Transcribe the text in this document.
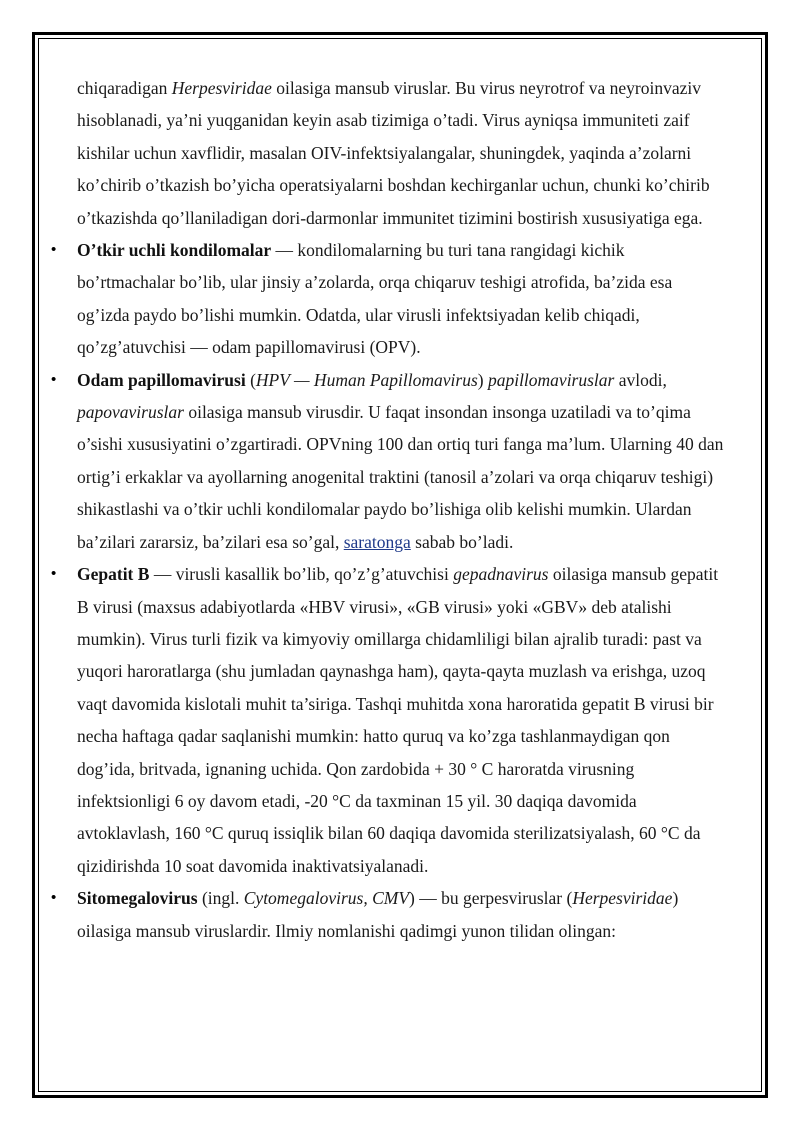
chiqaradigan Herpesviridae oilasiga mansub viruslar. Bu virus neyrotrof va neyroinvaziv hisoblanadi, ya’ni yuqganidan keyin asab tizimiga o’tadi. Virus ayniqsa immuniteti zaif kishilar uchun xavflidir, masalan OIV-infektsiyalangalar, shuningdek, yaqinda a’zolarni ko’chirib o’tkazish bo’yicha operatsiyalarni boshdan kechirganlar uchun, chunki ko’chirib o’tkazishda qo’llaniladigan dori-darmonlar immunitet tizimini bostirish xususiyatiga ega.

• O’tkir uchli kondilomalar — kondilomalarning bu turi tana rangidagi kichik bo’rtmachalar bo’lib, ular jinsiy a’zolarda, orqa chiqaruv teshigi atrofida, ba’zida esa og’izda paydo bo’lishi mumkin. Odatda, ular virusli infektsiyadan kelib chiqadi, qo’zg’atuvchisi — odam papillomavirusi (OPV).
• Odam papillomavirusi (HPV — Human Papillomavirus) papillomaviruslar avlodi, papovaviruslar oilasiga mansub virusdir. U faqat insondan insonga uzatiladi va to’qima o’sishi xususiyatini o’zgartiradi. OPVning 100 dan ortiq turi fanga ma’lum. Ularning 40 dan ortig’i erkaklar va ayollarning anogenital traktini (tanosil a’zolari va orqa chiqaruv teshigi) shikastlashi va o’tkir uchli kondilomalar paydo bo’lishiga olib kelishi mumkin. Ulardan ba’zilari zararsiz, ba’zilari esa so’gal, saratonga sabab bo’ladi.
• Gepatit B — virusli kasallik bo’lib, qo’z’g’atuvchisi gepadnavirus oilasiga mansub gepatit B virusi (maxsus adabiyotlarda «HBV virusi», «GB virusi» yoki «GBV» deb atalishi mumkin). Virus turli fizik va kimyoviy omillarga chidamliligi bilan ajralib turadi: past va yuqori haroratlarga (shu jumladan qaynashga ham), qayta-qayta muzlash va erishga, uzoq vaqt davomida kislotali muhit ta’siriga. Tashqi muhitda xona haroratida gepatit B virusi bir necha haftaga qadar saqlanishi mumkin: hatto quruq va ko’zga tashlanmaydigan qon dog’ida, britvada, ignaning uchida. Qon zardobida + 30 ° C haroratda virusning infektsionligi 6 oy davom etadi, -20 °C da taxminan 15 yil. 30 daqiqa davomida avtoklavlash, 160 °C quruq issiqlik bilan 60 daqiqa davomida sterilizatsiyalash, 60 °C da qizidirishda 10 soat davomida inaktivatsiyalanadi.
• Sitomegalovirus (ingl. Cytomegalovirus, CMV) — bu gerpesviruslar (Herpesviridae) oilasiga mansub viruslardir. Ilmiy nomlanishi qadimgi yunon tilidan olingan:
